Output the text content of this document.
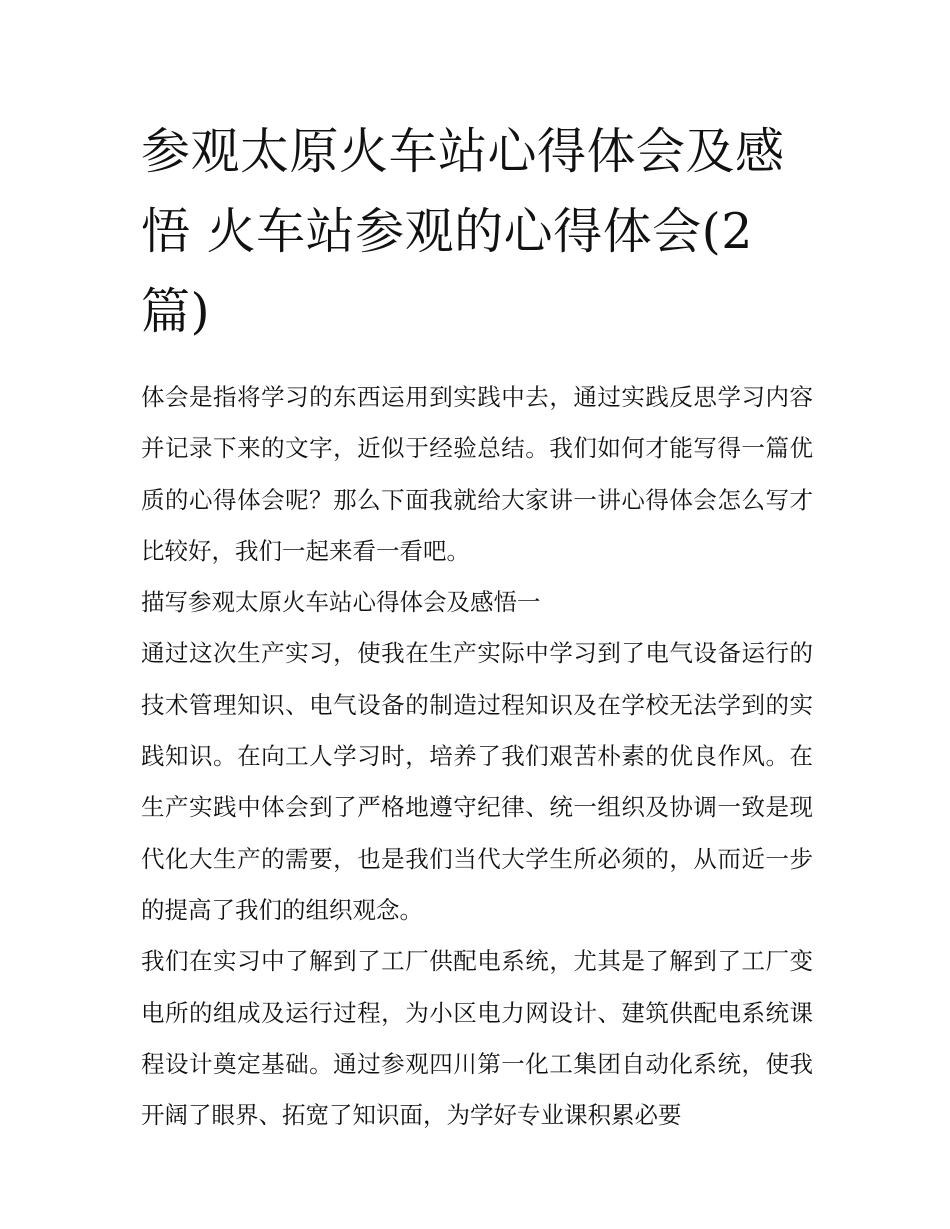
参观太原火车站心得体会及感悟 火车站参观的心得体会(2篇)

体会是指将学习的东西运用到实践中去，通过实践反思学习内容并记录下来的文字，近似于经验总结。我们如何才能写得一篇优质的心得体会呢？那么下面我就给大家讲一讲心得体会怎么写才比较好，我们一起来看一看吧。

描写参观太原火车站心得体会及感悟一

通过这次生产实习，使我在生产实际中学习到了电气设备运行的技术管理知识、电气设备的制造过程知识及在学校无法学到的实践知识。在向工人学习时，培养了我们艰苦朴素的优良作风。在生产实践中体会到了严格地遵守纪律、统一组织及协调一致是现代化大生产的需要，也是我们当代大学生所必须的，从而近一步的提高了我们的组织观念。

我们在实习中了解到了工厂供配电系统，尤其是了解到了工厂变电所的组成及运行过程，为小区电力网设计、建筑供配电系统课程设计奠定基础。通过参观四川第一化工集团自动化系统，使我开阔了眼界、拓宽了知识面，为学好专业课积累必要
